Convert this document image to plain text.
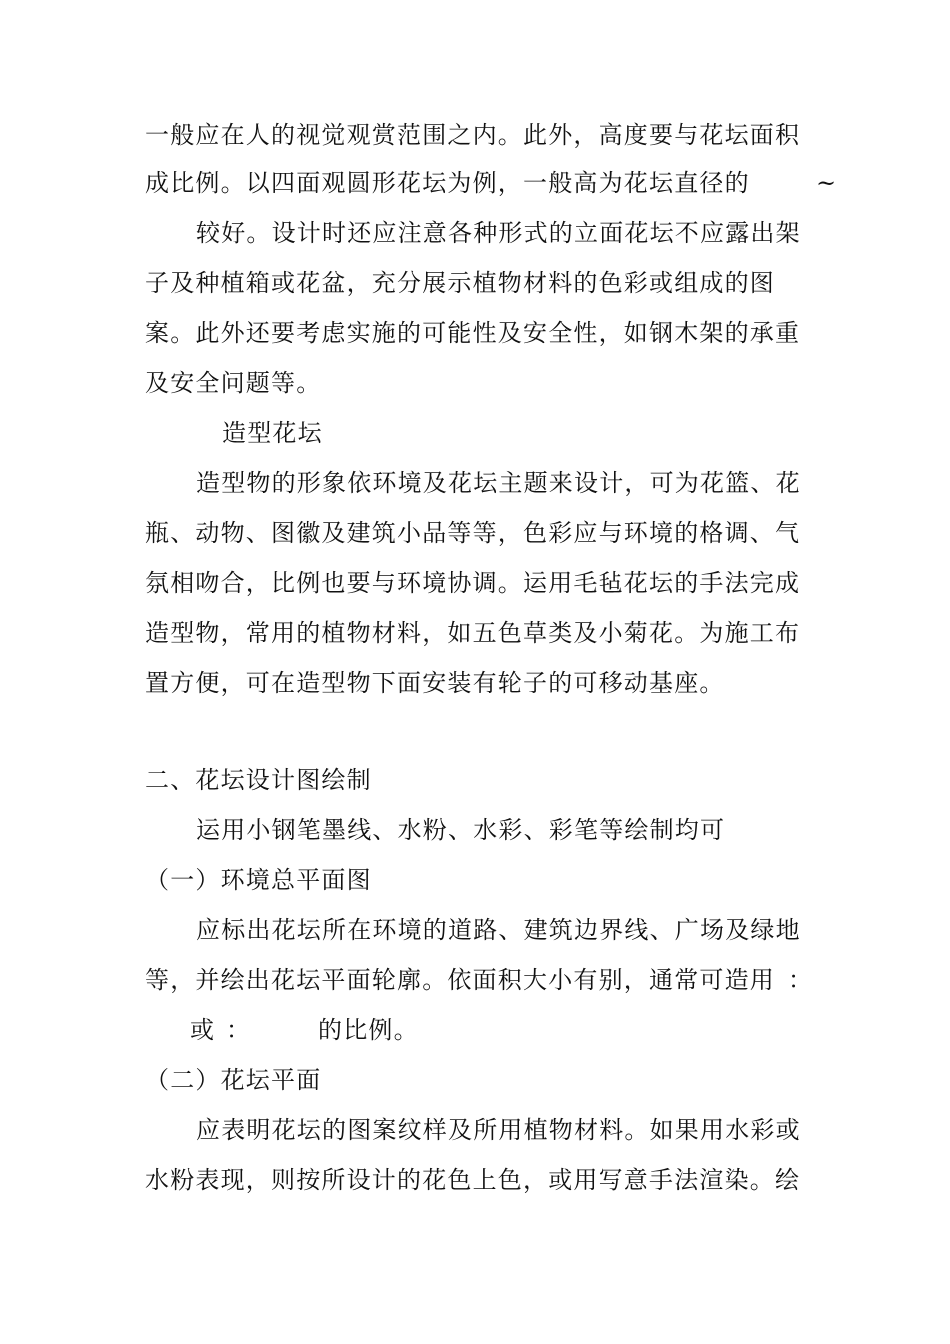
一般应在人的视觉观赏范围之内。此外，高度要与花坛面积
成比例。以四面观圆形花坛为例，一般高为花坛直径的	~
较好。设计时还应注意各种形式的立面花坛不应露出架
子及种植箱或花盆，充分展示植物材料的色彩或组成的图
案。此外还要考虑实施的可能性及安全性，如钢木架的承重
及安全问题等。
造型花坛
造型物的形象依环境及花坛主题来设计，可为花篮、花
瓶、动物、图徽及建筑小品等等，色彩应与环境的格调、气
氛相吻合，比例也要与环境协调。运用毛毡花坛的手法完成
造型物，常用的植物材料，如五色草类及小菊花。为施工布
置方便，可在造型物下面安装有轮子的可移动基座。
二、花坛设计图绘制
运用小钢笔墨线、水粉、水彩、彩笔等绘制均可
（一）环境总平面图
应标出花坛所在环境的道路、建筑边界线、广场及绿地
等，并绘出花坛平面轮廓。依面积大小有别，通常可造用 ：
或 ：	的比例。
（二）花坛平面
应表明花坛的图案纹样及所用植物材料。如果用水彩或
水粉表现，则按所设计的花色上色，或用写意手法渲染。绘
